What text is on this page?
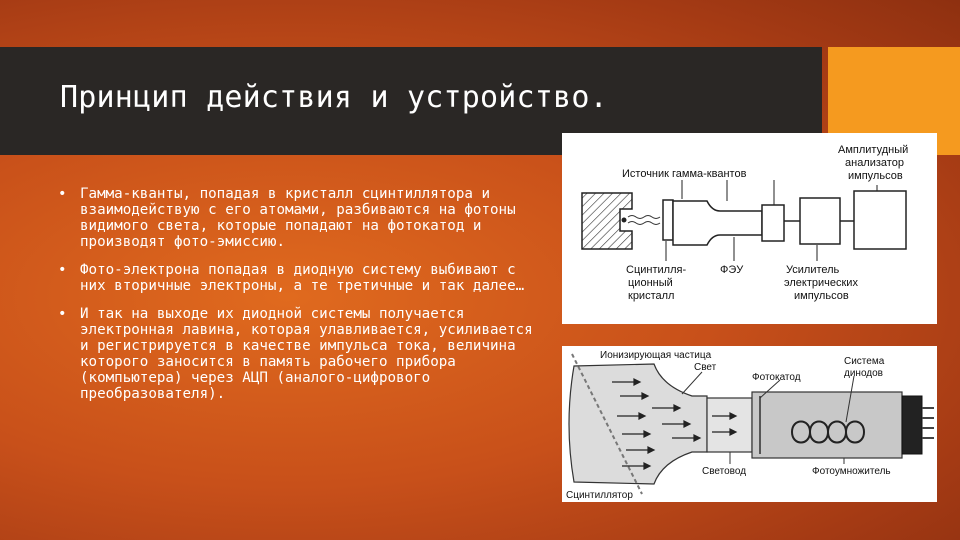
Принцип действия и устройство.
• Гамма-кванты, попадая в кристалл сцинтиллятора и взаимодействую с его атомами, разбиваются на фотоны видимого света, которые попадают на фотокатод и производят фото-эмиссию.
• Фото-электрона попадая в диодную систему выбивают с них вторичные электроны, а те третичные и так далее…
• И так на выходе их диодной системы получается электронная лавина, которая улавливается, усиливается и регистрируется в качестве импульса тока, величина которого заносится в память рабочего прибора (компьютера) через АЦП (аналого-цифрового преобразователя).
Источник гамма-квантов
Амплитудный
анализатор
импульсов
Сцинтилля-
ционный
кристалл
ФЭУ	Усилитель
электрических
импульсов
Ионизирующая частица
Свет
Фотокатод
Система
динодов
Световод	Фотоумножитель
Сцинтиллятор
